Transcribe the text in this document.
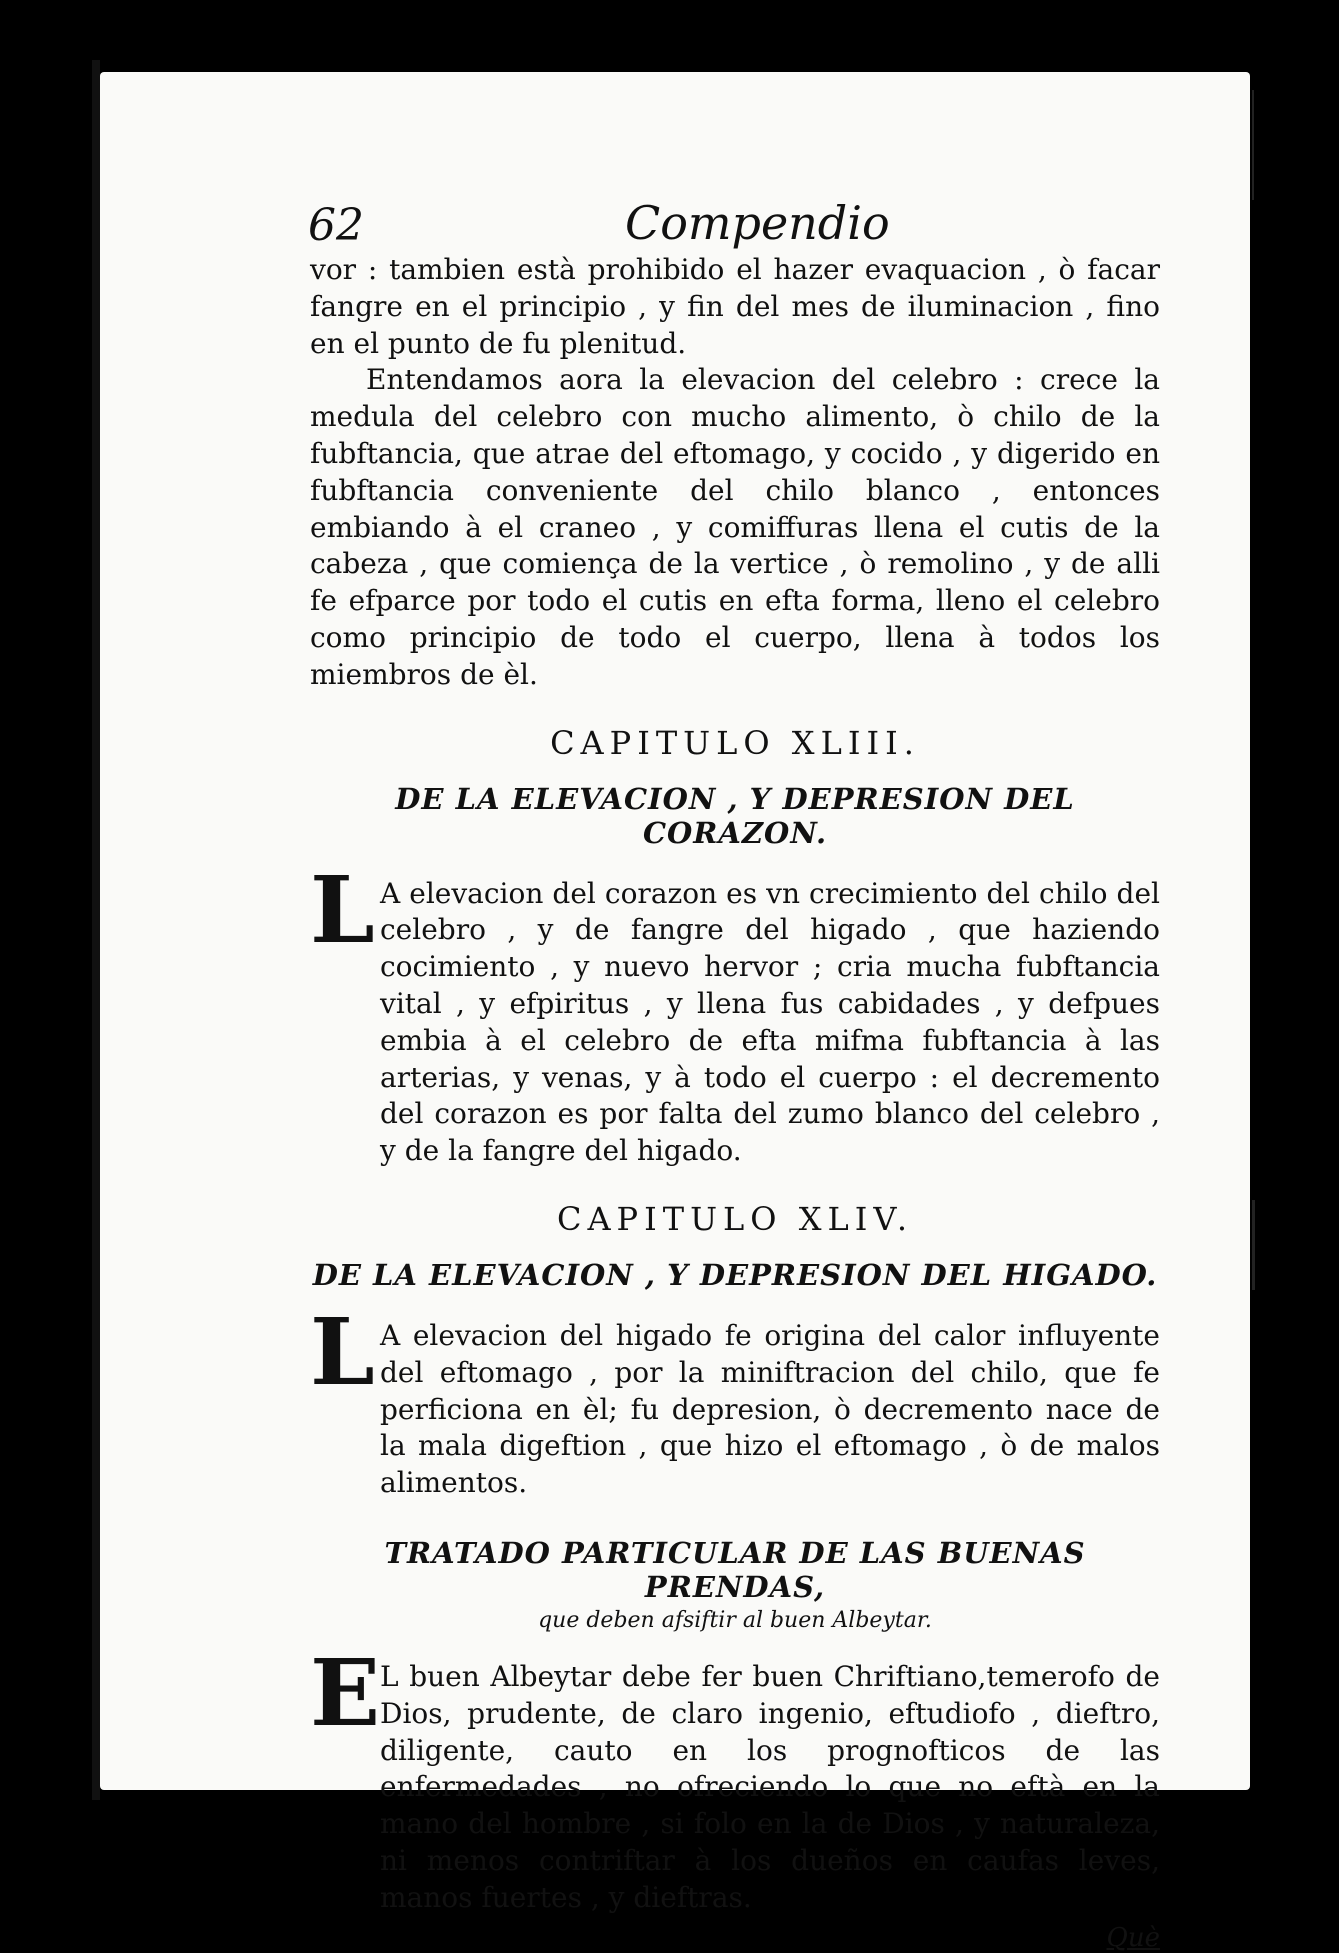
62	Compendio

vor : tambien està prohibido el hazer evaquacion , ò facar fangre en el principio , y fin del mes de iluminacion , fino en el punto de fu plenitud.

Entendamos aora la elevacion del celebro : crece la medula del celebro con mucho alimento, ò chilo de la fubftancia, que atrae del eftomago, y cocido , y digerido en fubftancia conveniente del chilo blanco , entonces embiando à el craneo , y comiffuras llena el cutis de la cabeza , que comiença de la vertice , ò remolino , y de alli fe efparce por todo el cutis en efta forma, lleno el celebro como principio de todo el cuerpo, llena à todos los miembros de èl.

CAPITULO XLIII.
DE LA ELEVACION , Y DEPRESION DEL CORAZON.
L A elevacion del corazon es vn crecimiento del chilo del celebro , y de fangre del higado , que haziendo cocimiento , y nuevo hervor ; cria mucha fubftancia vital , y efpiritus , y llena fus cabidades , y defpues embia à el celebro de efta mifma fubftancia à las arterias, y venas, y à todo el cuerpo : el decremento del corazon es por falta del zumo blanco del celebro , y de la fangre del higado.

CAPITULO XLIV.
DE LA ELEVACION , Y DEPRESION DEL HIGADO.
L A elevacion del higado fe origina del calor influyente del eftomago , por la miniftracion del chilo, que fe perficiona en èl; fu depresion, ò decremento nace de la mala digeftion , que hizo el eftomago , ò de malos alimentos.

TRATADO PARTICULAR DE LAS BUENAS PRENDAS,
que deben afsiftir al buen Albeytar.
E L buen Albeytar debe fer buen Chriftiano,temerofo de Dios, prudente, de claro ingenio, eftudiofo , dieftro, diligente, cauto en los prognofticos de las enfermedades , no ofreciendo lo que no eftà en la mano del hombre , si folo en la de Dios , y naturaleza, ni menos contriftar à los dueños en caufas leves, manos fuertes , y dieftras.

Què
